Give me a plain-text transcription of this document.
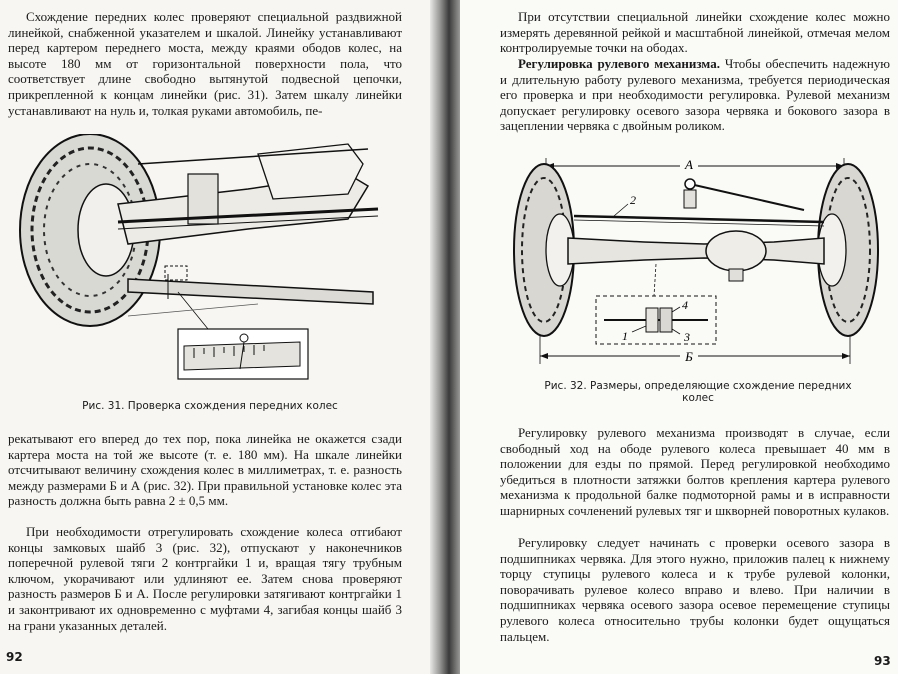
Схождение передних колес проверяют специальной раздвижной линейкой, снабженной указателем и шкалой. Линейку устанавливают перед картером переднего моста, между краями ободов колес, на высоте 180 мм от горизонтальной поверхности пола, что соответствует длине свободно вытянутой подвесной цепочки, прикрепленной к концам линейки (рис. 31). Затем шкалу линейки устанавливают на нуль и, толкая руками автомобиль, пе-

Рис. 31. Проверка схождения передних колес

рекатывают его вперед до тех пор, пока линейка не окажется сзади картера моста на той же высоте (т. е. 180 мм). На шкале линейки отсчитывают величину схождения колес в миллиметрах, т. е. разность между размерами Б и А (рис. 32). При правильной установке колес эта разность должна быть равна 2 ± 0,5 мм.

При необходимости отрегулировать схождение колеса отгибают концы замковых шайб 3 (рис. 32), отпускают у наконечников поперечной рулевой тяги 2 контргайки 1 и, вращая тягу трубным ключом, укорачивают или удлиняют ее. Затем снова проверяют разность размеров Б и А. После регулировки затягивают контргайки 1 и законтривают их одновременно с муфтами 4, загибая концы шайб 3 на грани указанных деталей.

92

При отсутствии специальной линейки схождение колес можно измерять деревянной рейкой и масштабной линейкой, отмечая мелом контролируемые точки на ободах.

Регулировка рулевого механизма. Чтобы обеспечить надежную и длительную работу рулевого механизма, требуется периодическая его проверка и при необходимости регулировка. Рулевой механизм допускает регулировку осевого зазора червяка и бокового зазора в зацеплении червяка с двойным роликом.

А
Б
2
4
1	3
Рис. 32. Размеры, определяющие схождение передних колес

Регулировку рулевого механизма производят в случае, если свободный ход на ободе рулевого колеса превышает 40 мм в положении для езды по прямой. Перед регулировкой необходимо убедиться в плотности затяжки болтов крепления картера рулевого механизма к продольной балке подмоторной рамы и в исправности шарнирных сочленений рулевых тяг и шкворней поворотных кулаков.

Регулировку следует начинать с проверки осевого зазора в подшипниках червяка. Для этого нужно, приложив палец к нижнему торцу ступицы рулевого колеса и к трубе рулевой колонки, поворачивать рулевое колесо вправо и влево. При наличии в подшипниках червяка осевого зазора осевое перемещение ступицы рулевого колеса относительно трубы колонки будет ощущаться пальцем.

93
